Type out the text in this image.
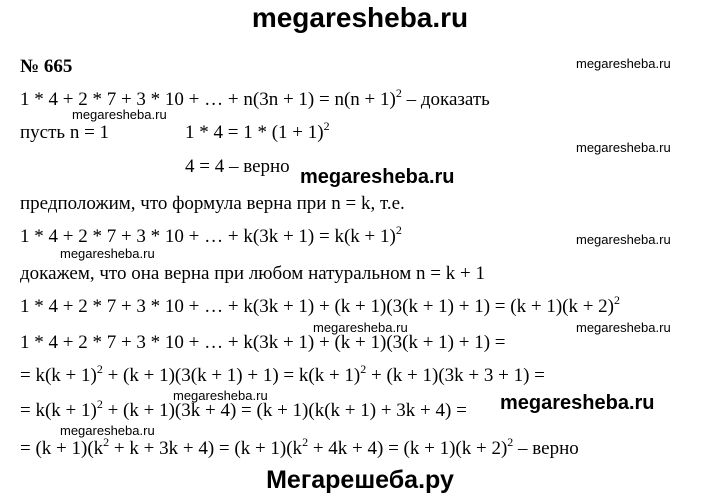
megaresheba.ru
№ 665
1 * 4 + 2 * 7 + 3 * 10 + … + $n(3n + 1) = n(n + 1)^2$ – доказать
пусть n = 1	$1 * 4 = 1 * (1 + 1)^2$
4 = 4 – верно
предположим, что формула верна при n = k, т.е.
1 * 4 + 2 * 7 + 3 * 10 + … + $k(3k + 1) = k(k + 1)^2$
докажем, что она верна при любом натуральном n = k + 1
1 * 4 + 2 * 7 + 3 * 10 + … + $k(3k + 1) + (k + 1)(3(k + 1) + 1) = (k + 1)(k + 2)^2$
1 * 4 + 2 * 7 + 3 * 10 + … + k(3k + 1) + (k + 1)(3(k + 1) + 1) =
= $k(k + 1)^2 + (k + 1)(3(k + 1) + 1) = k(k + 1)^2 + (k + 1)(3k + 3 + 1)$ =
= $k(k + 1)^2 + (k + 1)(3k + 4) = (k + 1)(k(k + 1) + 3k + 4)$ =
= $(k + 1)(k^2 + k + 3k + 4) = (k + 1)(k^2 + 4k + 4) = (k + 1)(k + 2)^2$ – верно
megaresheba.ru
megaresheba.ru
megaresheba.ru
megaresheba.ru
megaresheba.ru
megaresheba.ru
megaresheba.ru	megaresheba.ru
megaresheba.ru	megaresheba.ru
megaresheba.ru
Мегарешеба.ру
